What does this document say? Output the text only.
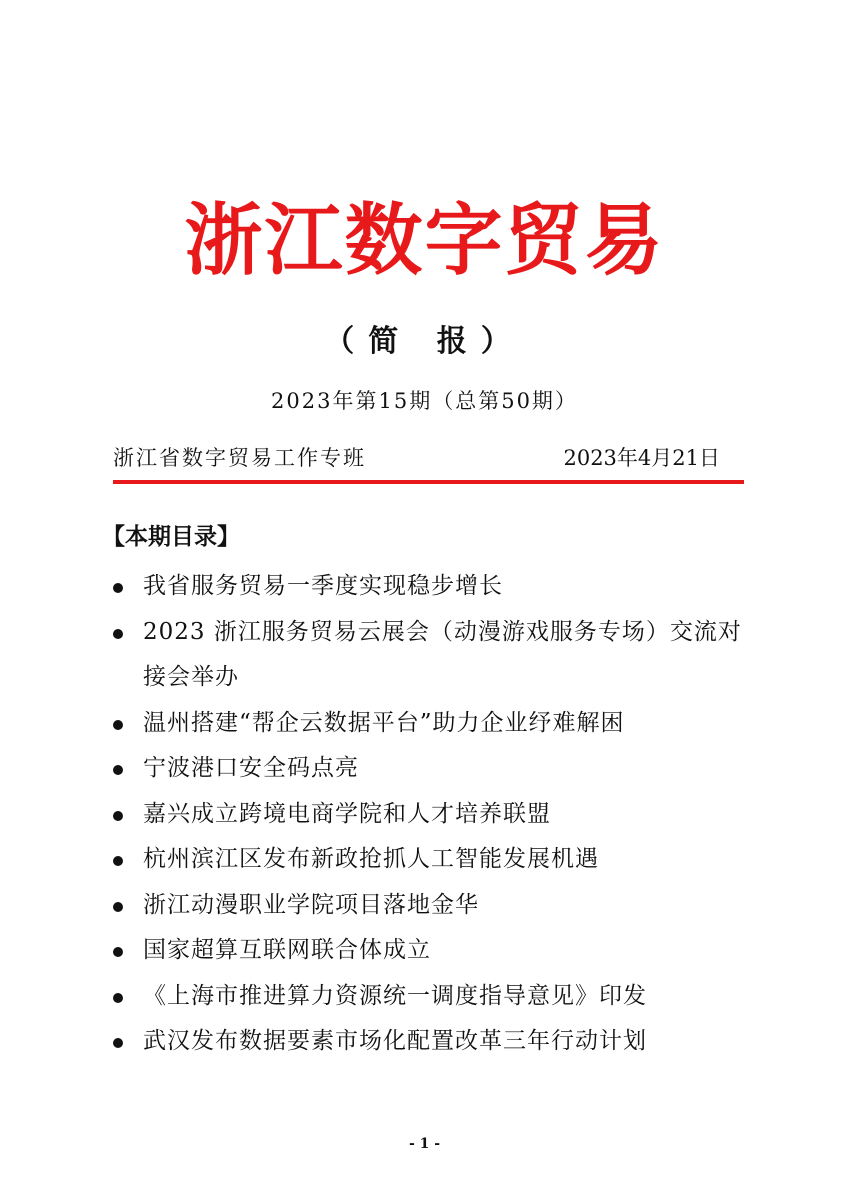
浙江数字贸易
（简 报）
2023年第15期（总第50期）
浙江省数字贸易工作专班	2023年4月21日
【本期目录】
我省服务贸易一季度实现稳步增长
2023 浙江服务贸易云展会（动漫游戏服务专场）交流对接会举办
温州搭建“帮企云数据平台”助力企业纾难解困
宁波港口安全码点亮
嘉兴成立跨境电商学院和人才培养联盟
杭州滨江区发布新政抢抓人工智能发展机遇
浙江动漫职业学院项目落地金华
国家超算互联网联合体成立
《上海市推进算力资源统一调度指导意见》印发
武汉发布数据要素市场化配置改革三年行动计划
- 1 -
